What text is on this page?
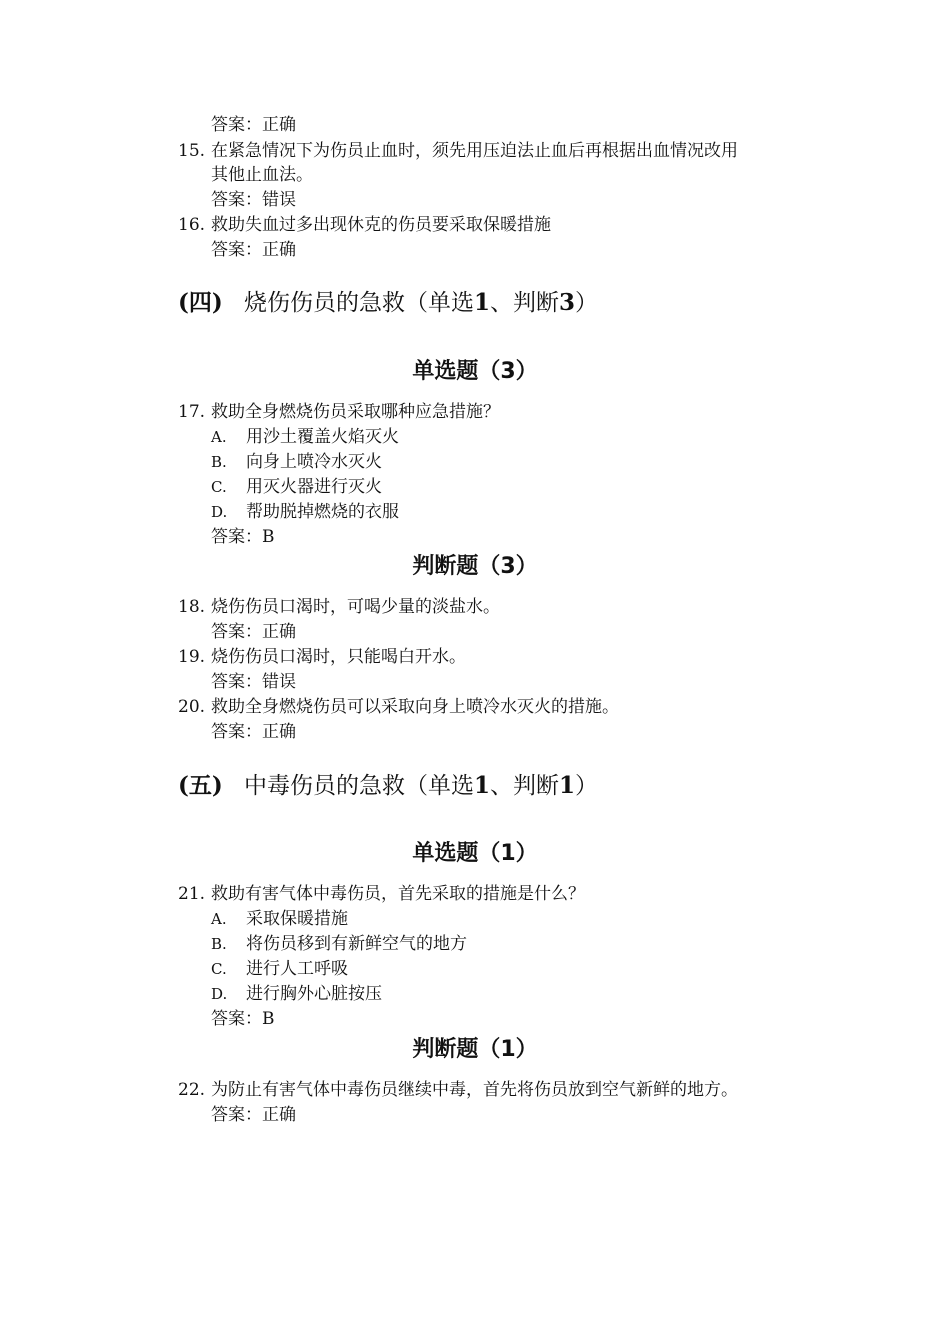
答案：正确
15. 在紧急情况下为伤员止血时，须先用压迫法止血后再根据出血情况改用
其他止血法。
答案：错误
16. 救助失血过多出现休克的伤员要采取保暖措施
答案：正确
(四) 烧伤伤员的急救（单选1、判断3）
单选题（3）
17. 救助全身燃烧伤员采取哪种应急措施？
A. 用沙土覆盖火焰灭火
B. 向身上喷冷水灭火
C. 用灭火器进行灭火
D. 帮助脱掉燃烧的衣服
答案：B
判断题（3）
18. 烧伤伤员口渴时，可喝少量的淡盐水。
答案：正确
19. 烧伤伤员口渴时，只能喝白开水。
答案：错误
20. 救助全身燃烧伤员可以采取向身上喷冷水灭火的措施。
答案：正确
(五) 中毒伤员的急救（单选1、判断1）
单选题（1）
21. 救助有害气体中毒伤员，首先采取的措施是什么？
A. 采取保暖措施
B. 将伤员移到有新鲜空气的地方
C. 进行人工呼吸
D. 进行胸外心脏按压
答案：B
判断题（1）
22. 为防止有害气体中毒伤员继续中毒，首先将伤员放到空气新鲜的地方。
答案：正确
